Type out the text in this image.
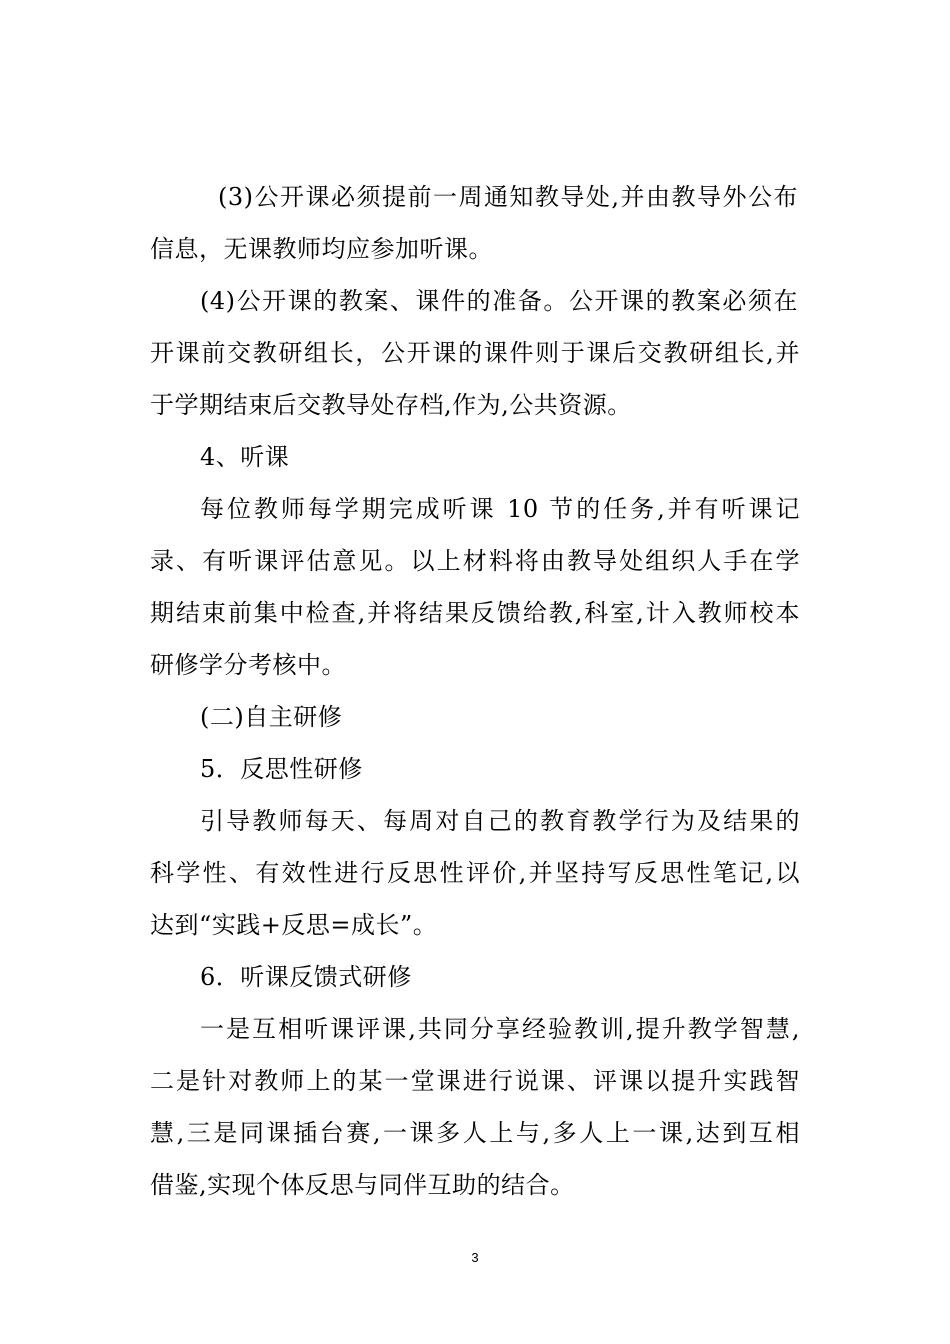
(3)公开课必须提前一周通知教导处,并由教导外公布
信息，无课教师均应参加听课。
(4)公开课的教案、课件的准备。公开课的教案必须在
开课前交教研组长，公开课的课件则于课后交教研组长,并
于学期结束后交教导处存档,作为,公共资源。
4、听课
每位教师每学期完成听课 10 节的任务,并有听课记
录、有听课评估意见。以上材料将由教导处组织人手在学
期结束前集中检查,并将结果反馈给教,科室,计入教师校本
研修学分考核中。
(二)自主研修
5．反思性研修
引导教师每天、每周对自己的教育教学行为及结果的
科学性、有效性进行反思性评价,并坚持写反思性笔记,以
达到“实践+反思=成长”。
6．听课反馈式研修
一是互相听课评课,共同分享经验教训,提升教学智慧,
二是针对教师上的某一堂课进行说课、评课以提升实践智
慧,三是同课插台赛,一课多人上与,多人上一课,达到互相
借鉴,实现个体反思与同伴互助的结合。
3
